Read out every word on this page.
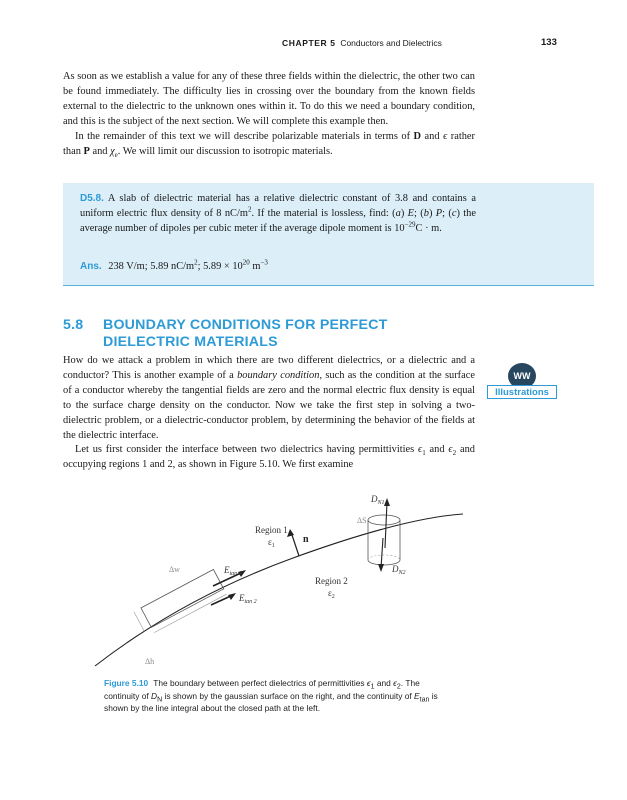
CHAPTER 5 Conductors and Dielectrics	133

As soon as we establish a value for any of these three fields within the dielectric, the other two can be found immediately. The difficulty lies in crossing over the boundary from the known fields external to the dielectric to the unknown ones within it. To do this we need a boundary condition, and this is the subject of the next section. We will complete this example then.

In the remainder of this text we will describe polarizable materials in terms of D and ϵ rather than P and $\chi_e$. We will limit our discussion to isotropic materials.

D5.8. A slab of dielectric material has a relative dielectric constant of 3.8 and contains a uniform electric flux density of 8 $nC/m^2$. If the material is lossless, find: (a) E; (b) P; (c) the average number of dipoles per cubic meter if the average dipole moment is $10^{-29}C \cdot m$.
Ans. 238 V/m; 5.89 $nC/m^2$; $5.89 \times 10^{20}$ $m^{-3}$
5.8 BOUNDARY CONDITIONS FOR PERFECT
DIELECTRIC MATERIALS

How do we attack a problem in which there are two different dielectrics, or a dielectric and a conductor? This is another example of a boundary condition, such as the condition at the surface of a conductor whereby the tangential fields are zero and the normal electric flux density is equal to the surface charge density on the conductor. Now we take the first step in solving a two-dielectric problem, or a dielectric-conductor problem, by determining the behavior of the fields at the dielectric interface.

Let us first consider the interface between two dielectrics having permittivities $\epsilon_1$ and $\epsilon_2$ and occupying regions 1 and 2, as shown in Figure 5.10. We first examine

WW
Illustrations
Region 1
$\varepsilon_1$
n
Region 2
$\varepsilon_2$
$D_{N1}$
ΔS
$D_{N2}$
Δw
Δh
$E_{tan 1}$
$E_{tan 2}$
Figure 5.10 The boundary between perfect dielectrics of permittivities $\epsilon_1$ and $\epsilon_2$. The continuity of $D_N$ is shown by the gaussian surface on the right, and the continuity of $E_{tan}$ is shown by the line integral about the closed path at the left.
